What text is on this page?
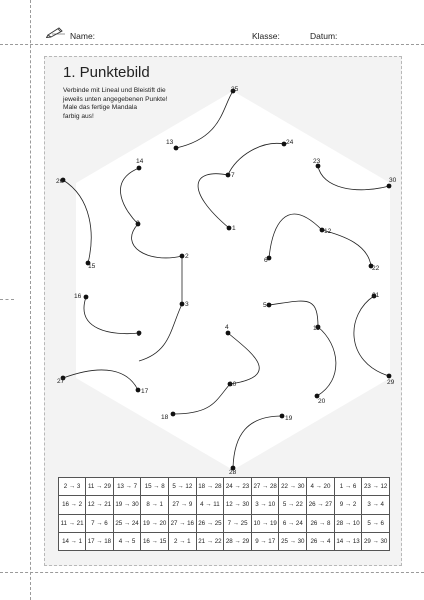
Name:	Klasse:	Datum:
1
2
3
4
5
6
7
8
9
10
11
12
13
14
15
16
17
18	19
20
21
22
23
24
25
26
27
28
29
30
1. Punktebild
Verbinde mit Lineal und Bleistift die
jeweils unten angegebenen Punkte!
Male das fertige Mandala
farbig aus!
2 → 3	11 → 29	13 → 7	15 → 8	5 → 12	18 → 28	24 → 23	27 → 28	22 → 30	4 → 20	1 → 6	23 → 12
16 → 2	12 → 21	19 → 30	8 → 1	27 → 9	4 → 11	12 → 30	3 → 10	5 → 22	26 → 27	9 → 2	3 → 4
11 → 21	7 → 6	25 → 24	19 → 20	27 → 16	26 → 25	7 → 25	10 → 19	6 → 24	26 → 8	28 → 10	5 → 6
14 → 1	17 → 18	4 → 5	16 → 15	2 → 1	21 → 22	28 → 29	9 → 17	25 → 30	26 → 4	14 → 13	29 → 30
